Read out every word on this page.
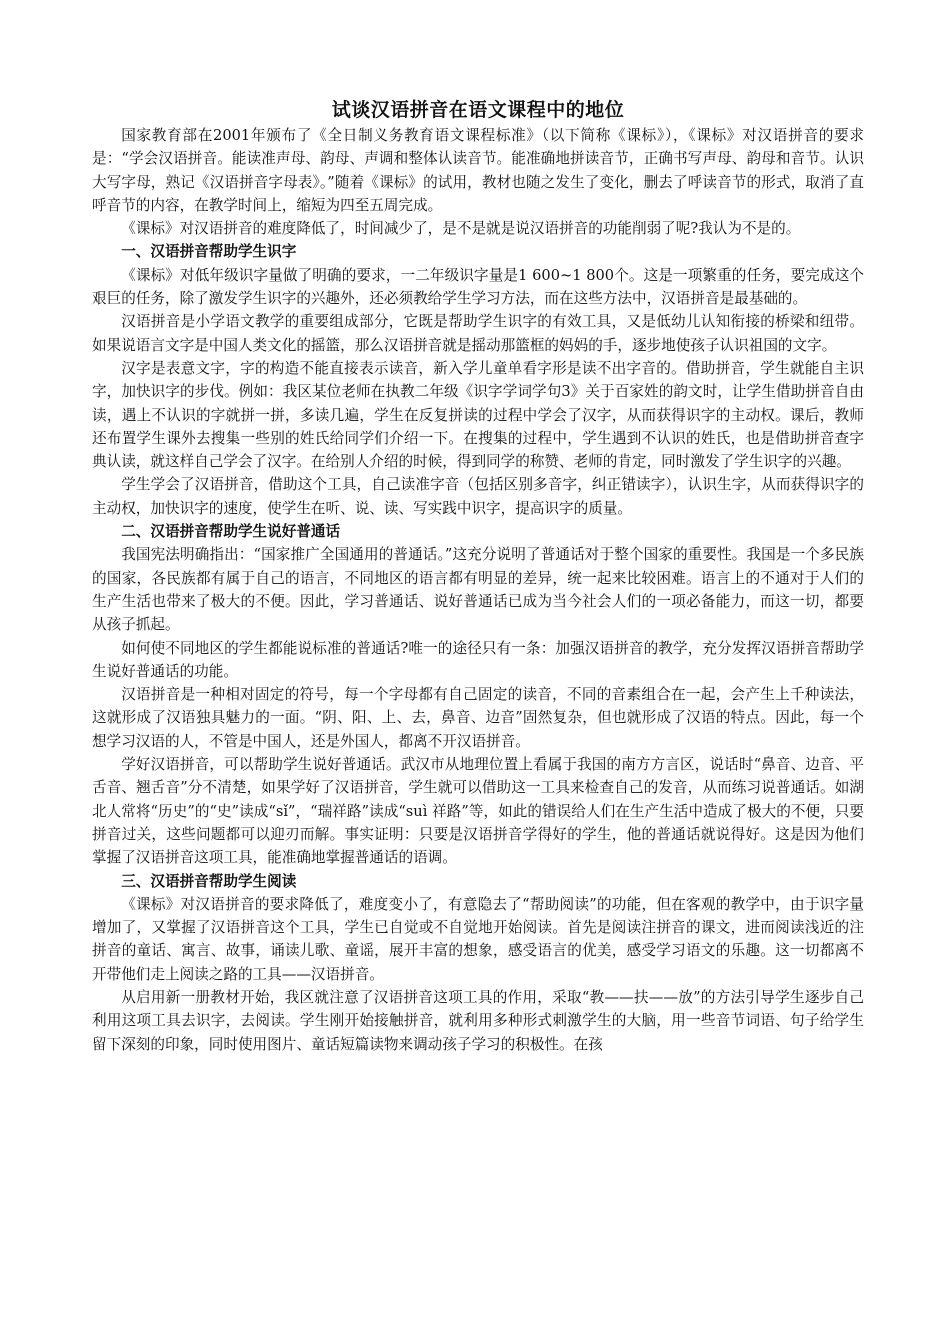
试谈汉语拼音在语文课程中的地位

国家教育部在2001年颁布了《全日制义务教育语文课程标准》（以下简称《课标》），《课标》对汉语拼音的要求是：“学会汉语拼音。能读准声母、韵母、声调和整体认读音节。能准确地拼读音节，正确书写声母、韵母和音节。认识大写字母，熟记《汉语拼音字母表》。”随着《课标》的试用，教材也随之发生了变化，删去了呼读音节的形式，取消了直呼音节的内容，在教学时间上，缩短为四至五周完成。

《课标》对汉语拼音的难度降低了，时间减少了，是不是就是说汉语拼音的功能削弱了呢?我认为不是的。

一、汉语拼音帮助学生识字

《课标》对低年级识字量做了明确的要求，一二年级识字量是1 600~1 800个。这是一项繁重的任务，要完成这个艰巨的任务，除了激发学生识字的兴趣外，还必须教给学生学习方法，而在这些方法中，汉语拼音是最基础的。

汉语拼音是小学语文教学的重要组成部分，它既是帮助学生识字的有效工具，又是低幼儿认知衔接的桥梁和纽带。如果说语言文字是中国人类文化的摇篮，那么汉语拼音就是摇动那篮框的妈妈的手，逐步地使孩子认识祖国的文字。

汉字是表意文字，字的构造不能直接表示读音，新入学儿童单看字形是读不出字音的。借助拼音，学生就能自主识字，加快识字的步伐。例如：我区某位老师在执教二年级《识字学词学句3》关于百家姓的韵文时，让学生借助拼音自由读，遇上不认识的字就拼一拼，多读几遍，学生在反复拼读的过程中学会了汉字，从而获得识字的主动权。课后，教师还布置学生课外去搜集一些别的姓氏给同学们介绍一下。在搜集的过程中，学生遇到不认识的姓氏，也是借助拼音查字典认读，就这样自己学会了汉字。在给别人介绍的时候，得到同学的称赞、老师的肯定，同时激发了学生识字的兴趣。

学生学会了汉语拼音，借助这个工具，自己读准字音（包括区别多音字，纠正错读字），认识生字，从而获得识字的主动权，加快识字的速度，使学生在听、说、读、写实践中识字，提高识字的质量。

二、汉语拼音帮助学生说好普通话

我国宪法明确指出：“国家推广全国通用的普通话。”这充分说明了普通话对于整个国家的重要性。我国是一个多民族的国家，各民族都有属于自己的语言，不同地区的语言都有明显的差异，统一起来比较困难。语言上的不通对于人们的生产生活也带来了极大的不便。因此，学习普通话、说好普通话已成为当今社会人们的一项必备能力，而这一切，都要从孩子抓起。

如何使不同地区的学生都能说标准的普通话?唯一的途径只有一条：加强汉语拼音的教学，充分发挥汉语拼音帮助学生说好普通话的功能。

汉语拼音是一种相对固定的符号，每一个字母都有自己固定的读音，不同的音素组合在一起，会产生上千种读法，这就形成了汉语独具魅力的一面。“阴、阳、上、去，鼻音、边音”固然复杂，但也就形成了汉语的特点。因此，每一个想学习汉语的人，不管是中国人，还是外国人，都离不开汉语拼音。

学好汉语拼音，可以帮助学生说好普通话。武汉市从地理位置上看属于我国的南方方言区，说话时“鼻音、边音、平舌音、翘舌音”分不清楚，如果学好了汉语拼音，学生就可以借助这一工具来检查自己的发音，从而练习说普通话。如湖北人常将“历史”的“史”读成“sǐ”，“瑞祥路”读成“suì 祥路”等，如此的错误给人们在生产生活中造成了极大的不便，只要拼音过关，这些问题都可以迎刃而解。事实证明：只要是汉语拼音学得好的学生，他的普通话就说得好。这是因为他们掌握了汉语拼音这项工具，能准确地掌握普通话的语调。

三、汉语拼音帮助学生阅读

《课标》对汉语拼音的要求降低了，难度变小了，有意隐去了“帮助阅读”的功能，但在客观的教学中，由于识字量增加了，又掌握了汉语拼音这个工具，学生已自觉或不自觉地开始阅读。首先是阅读注拼音的课文，进而阅读浅近的注拼音的童话、寓言、故事，诵读儿歌、童谣，展开丰富的想象，感受语言的优美，感受学习语文的乐趣。这一切都离不开带他们走上阅读之路的工具——汉语拼音。

从启用新一册教材开始，我区就注意了汉语拼音这项工具的作用，采取“教——扶——放”的方法引导学生逐步自己利用这项工具去识字，去阅读。学生刚开始接触拼音，就利用多种形式刺激学生的大脑，用一些音节词语、句子给学生留下深刻的印象，同时使用图片、童话短篇读物来调动孩子学习的积极性。在孩
